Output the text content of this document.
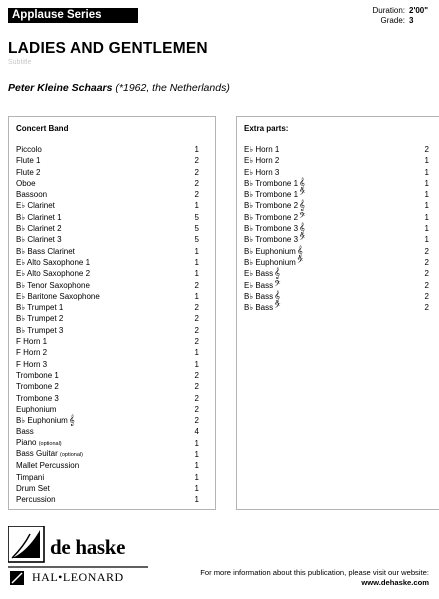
Applause Series	Duration: 2'00"
Grade: 3
LADIES AND GENTLEMEN
Subtitle
Peter Kleine Schaars (*1962, the Netherlands)
Concert Band
Piccolo	1
Flute 1	2
Flute 2	2
Oboe	2
Bassoon	2
E♭ Clarinet	1
B♭ Clarinet 1	5
B♭ Clarinet 2	5
B♭ Clarinet 3	5
B♭ Bass Clarinet	1
E♭ Alto Saxophone 1	1
E♭ Alto Saxophone 2	1
B♭ Tenor Saxophone	2
E♭ Baritone Saxophone	1
B♭ Trumpet 1	2
B♭ Trumpet 2	2
B♭ Trumpet 3	2
F Horn 1	2
F Horn 2	1
F Horn 3	1
Trombone 1	2
Trombone 2	2
Trombone 3	2
Euphonium	2
B♭ Euphonium𝄞	2
Bass	4
Piano (optional)	1
Bass Guitar (optional)	1
Mallet Percussion	1
Timpani	1
Drum Set	1
Percussion	1
Extra parts:
E♭ Horn 1	2
E♭ Horn 2	1
E♭ Horn 3	1
B♭ Trombone 1𝄞	1
B♭ Trombone 1𝄢	1
B♭ Trombone 2𝄞	1
B♭ Trombone 2𝄢	1
B♭ Trombone 3𝄞	1
B♭ Trombone 3𝄢	1
B♭ Euphonium𝄞	2
B♭ Euphonium𝄢	2
E♭ Bass𝄞	2
E♭ Bass𝄢	2
B♭ Bass𝄞	2
B♭ Bass𝄢	2
de haske
HAL•LEONARD	For more information about this publication, please visit our website:
www.dehaske.com
